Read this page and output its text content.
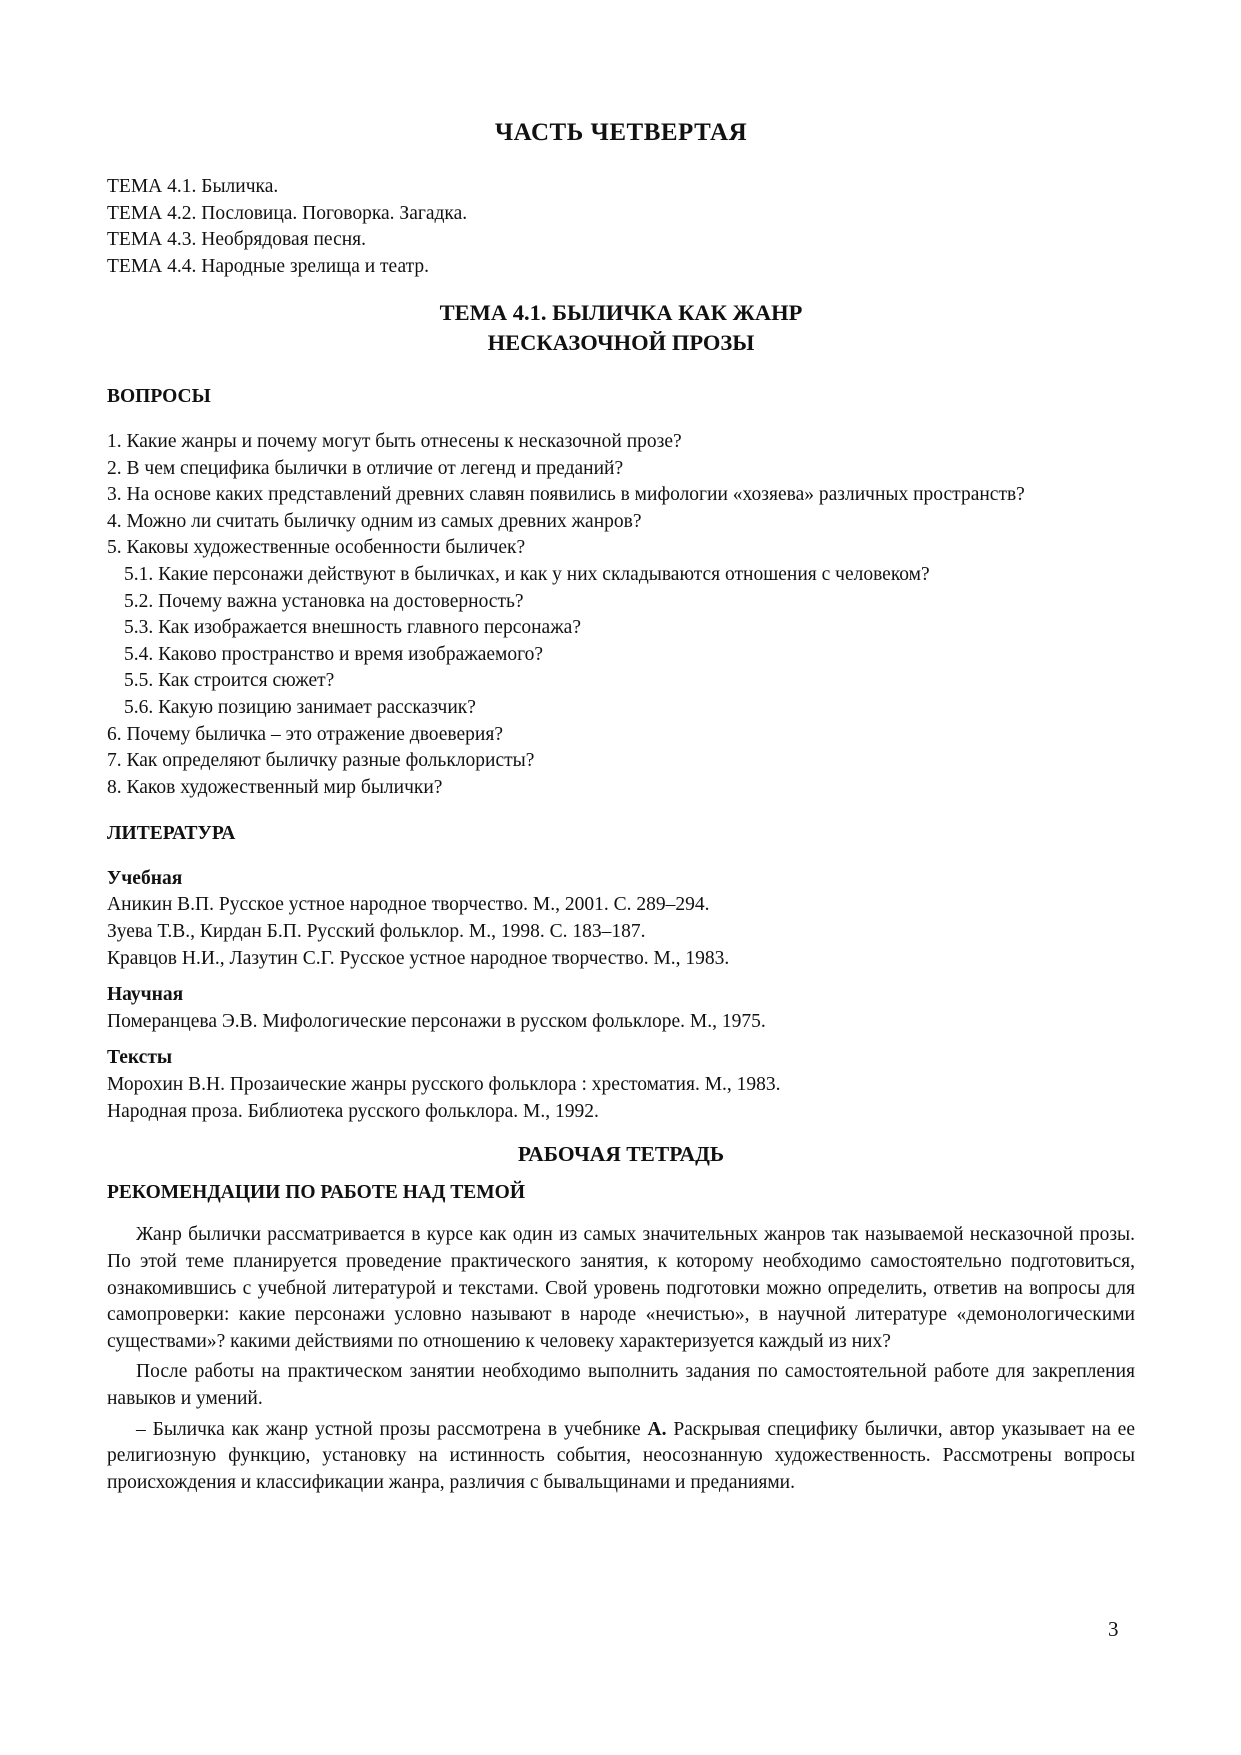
ЧАСТЬ ЧЕТВЕРТАЯ
ТЕМА 4.1. Быличка.
ТЕМА 4.2. Пословица. Поговорка. Загадка.
ТЕМА 4.3. Необрядовая песня.
ТЕМА 4.4. Народные зрелища и театр.
ТЕМА 4.1. БЫЛИЧКА КАК ЖАНР
НЕСКАЗОЧНОЙ ПРОЗЫ
ВОПРОСЫ
1. Какие жанры и почему могут быть отнесены к несказочной прозе?
2. В чем специфика былички в отличие от легенд и преданий?
3. На основе каких представлений древних славян появились в мифологии «хозяева» различных пространств?
4. Можно ли считать быличку одним из самых древних жанров?
5. Каковы художественные особенности быличек?
5.1. Какие персонажи действуют в быличках, и как у них складываются отношения с человеком?
5.2. Почему важна установка на достоверность?
5.3. Как изображается внешность главного персонажа?
5.4. Каково пространство и время изображаемого?
5.5. Как строится сюжет?
5.6. Какую позицию занимает рассказчик?
6. Почему быличка – это отражение двоеверия?
7. Как определяют быличку разные фольклористы?
8. Каков художественный мир былички?
ЛИТЕРАТУРА
Учебная
Аникин В.П. Русское устное народное творчество. М., 2001. С. 289–294.
Зуева Т.В., Кирдан Б.П. Русский фольклор. М., 1998. С. 183–187.
Кравцов Н.И., Лазутин С.Г. Русское устное народное творчество. М., 1983.
Научная
Померанцева Э.В. Мифологические персонажи в русском фольклоре. М., 1975.
Тексты
Морохин В.Н. Прозаические жанры русского фольклора : хрестоматия. М., 1983.
Народная проза. Библиотека русского фольклора. М., 1992.
РАБОЧАЯ ТЕТРАДЬ
РЕКОМЕНДАЦИИ ПО РАБОТЕ НАД ТЕМОЙ
Жанр былички рассматривается в курсе как один из самых значительных жанров так называемой несказочной прозы. По этой теме планируется проведение практического занятия, к которому необходимо самостоятельно подготовиться, ознакомившись с учебной литературой и текстами. Свой уровень подготовки можно определить, ответив на вопросы для самопроверки: какие персонажи условно называют в народе «нечистью», в научной литературе «демонологическими существами»? какими действиями по отношению к человеку характеризуется каждый из них?
После работы на практическом занятии необходимо выполнить задания по самостоятельной работе для закрепления навыков и умений.
– Быличка как жанр устной прозы рассмотрена в учебнике А. Раскрывая специфику былички, автор указывает на ее религиозную функцию, установку на истинность события, неосознанную художественность. Рассмотрены вопросы происхождения и классификации жанра, различия с бывальщинами и преданиями.
3
